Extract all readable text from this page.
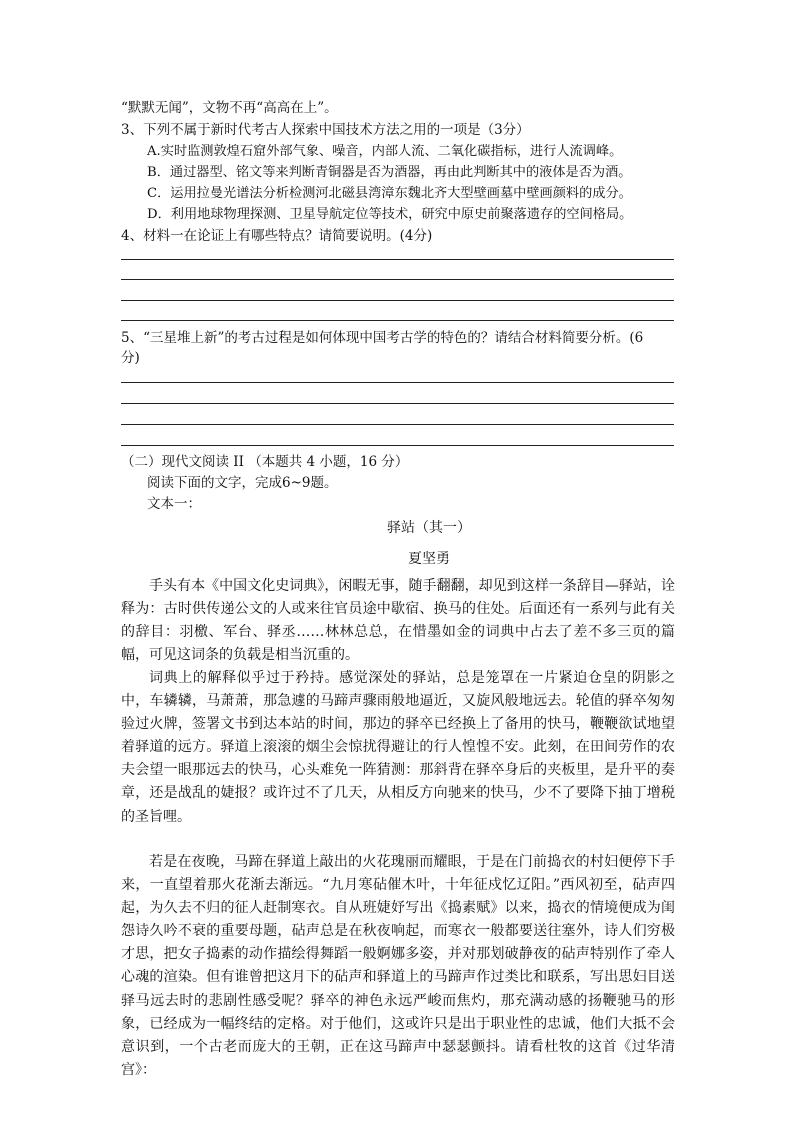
“默默无闻”，文物不再“高高在上”。
3、下列不属于新时代考古人探索中国技术方法之用的一项是（3分）
A.实时监测敦煌石窟外部气象、噪音，内部人流、二氧化碳指标，进行人流调峰。
B．通过器型、铭文等来判断青铜器是否为酒器，再由此判断其中的液体是否为酒。
C．运用拉曼光谱法分析检测河北磁县湾漳东魏北齐大型壁画墓中壁画颜料的成分。
D．利用地球物理探测、卫星导航定位等技术，研究中原史前聚落遗存的空间格局。
4、材料一在论证上有哪些特点？请简要说明。(4分)
5、“三星堆上新”的考古过程是如何体现中国考古学的特色的？请结合材料简要分析。(6
分)
（二）现代文阅读 II （本题共 4 小题，16 分）
阅读下面的文字，完成6~9题。
文本一：
驿站（其一）
夏坚勇
手头有本《中国文化史词典》，闲暇无事，随手翻翻，却见到这样一条辞目—驿站，诠释为：古时供传递公文的人或来往官员途中歇宿、换马的住处。后面还有一系列与此有关的辞目：羽檄、军台、驿丞……林林总总，在惜墨如金的词典中占去了差不多三页的篇幅，可见这词条的负载是相当沉重的。
词典上的解释似乎过于矜持。感觉深处的驿站，总是笼罩在一片紧迫仓皇的阴影之中，车辚辚，马萧萧，那急遽的马蹄声骤雨般地逼近，又旋风般地远去。轮值的驿卒匆匆验过火牌，签署文书到达本站的时间，那边的驿卒已经换上了备用的快马，鞭鞭欲试地望着驿道的远方。驿道上滚滚的烟尘会惊扰得避让的行人惶惶不安。此刻，在田间劳作的农夫会望一眼那远去的快马，心头难免一阵猜测：那斜背在驿卒身后的夹板里，是升平的奏章，还是战乱的婕报？或许过不了几天，从相反方向驰来的快马，少不了要降下抽丁增税的圣旨哩。
若是在夜晚，马蹄在驿道上敲出的火花瑰丽而耀眼，于是在门前捣衣的村妇便停下手来，一直望着那火花渐去渐远。“九月寒砧催木叶，十年征戍忆辽阳。”西风初至，砧声四起，为久去不归的征人赶制寒衣。自从班婕妤写出《捣素赋》以来，捣衣的情境便成为闺怨诗久吟不衰的重要母题，砧声总是在秋夜响起，而寒衣一般都要送往塞外，诗人们穷极才思，把女子捣素的动作描绘得舞蹈一般婀娜多姿，并对那划破静夜的砧声特别作了牵人心魂的渲染。但有谁曾把这月下的砧声和驿道上的马蹄声作过类比和联系，写出思妇目送驿马远去时的悲剧性感受呢？驿卒的神色永远严峻而焦灼，那充满动感的扬鞭驰马的形象，已经成为一幅终结的定格。对于他们，这或许只是出于职业性的忠诚，他们大抵不会意识到，一个古老而庞大的王朝，正在这马蹄声中瑟瑟颤抖。请看杜牧的这首《过华清宫》：
